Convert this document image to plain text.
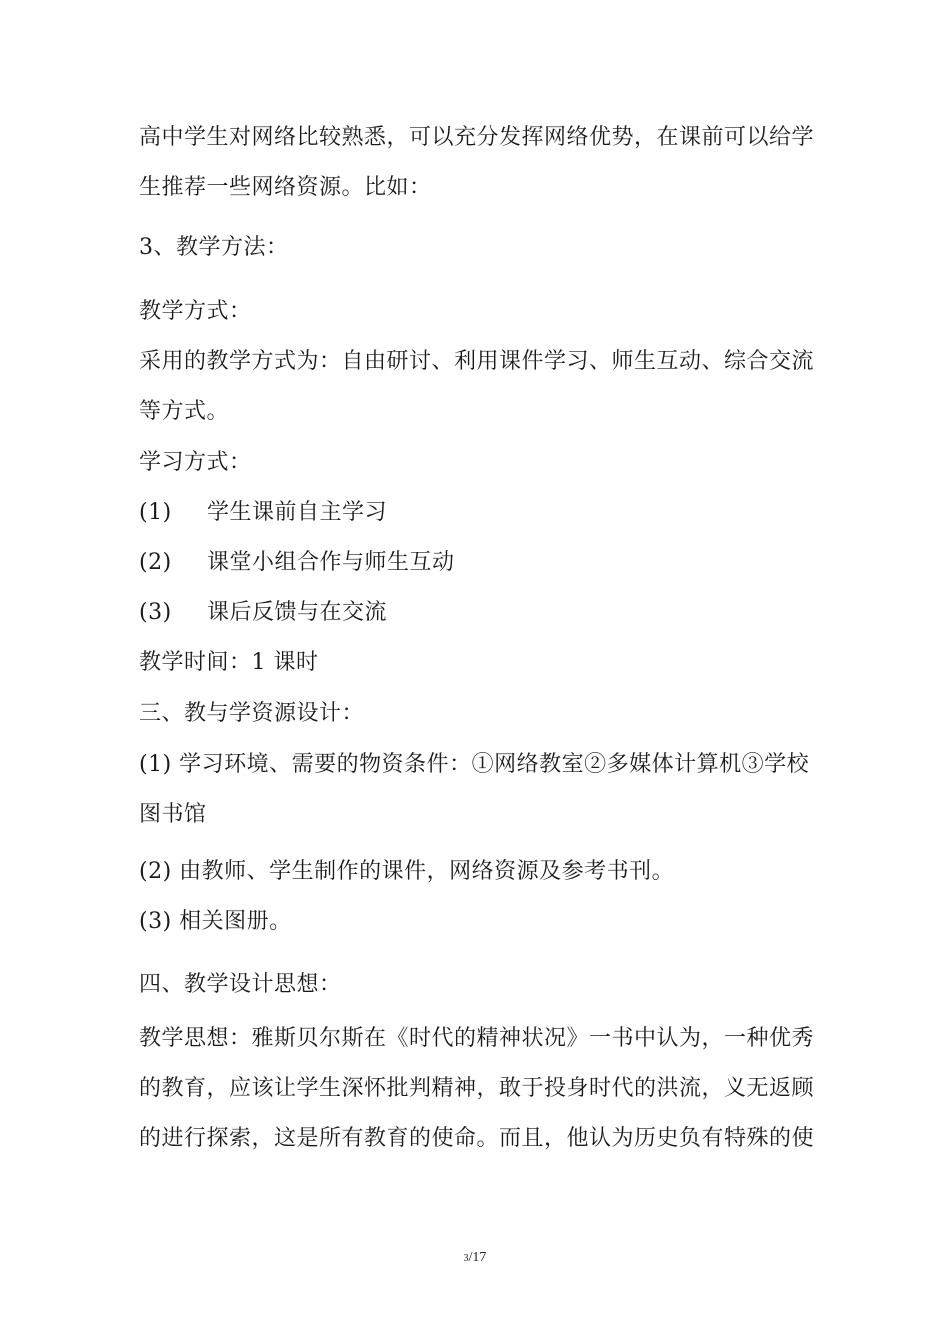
高中学生对网络比较熟悉，可以充分发挥网络优势，在课前可以给学
生推荐一些网络资源。比如：
3、教学方法：
教学方式：
采用的教学方式为：自由研讨、利用课件学习、师生互动、综合交流
等方式。
学习方式：
(1) 学生课前自主学习
(2) 课堂小组合作与师生互动
(3) 课后反馈与在交流
教学时间：1 课时
三、教与学资源设计：
(1) 学习环境、需要的物资条件：①网络教室②多媒体计算机③学校
图书馆
(2) 由教师、学生制作的课件，网络资源及参考书刊。
(3) 相关图册。
四、教学设计思想：
教学思想：雅斯贝尔斯在《时代的精神状况》一书中认为，一种优秀
的教育，应该让学生深怀批判精神，敢于投身时代的洪流，义无返顾
的进行探索，这是所有教育的使命。而且，他认为历史负有特殊的使
3/17
